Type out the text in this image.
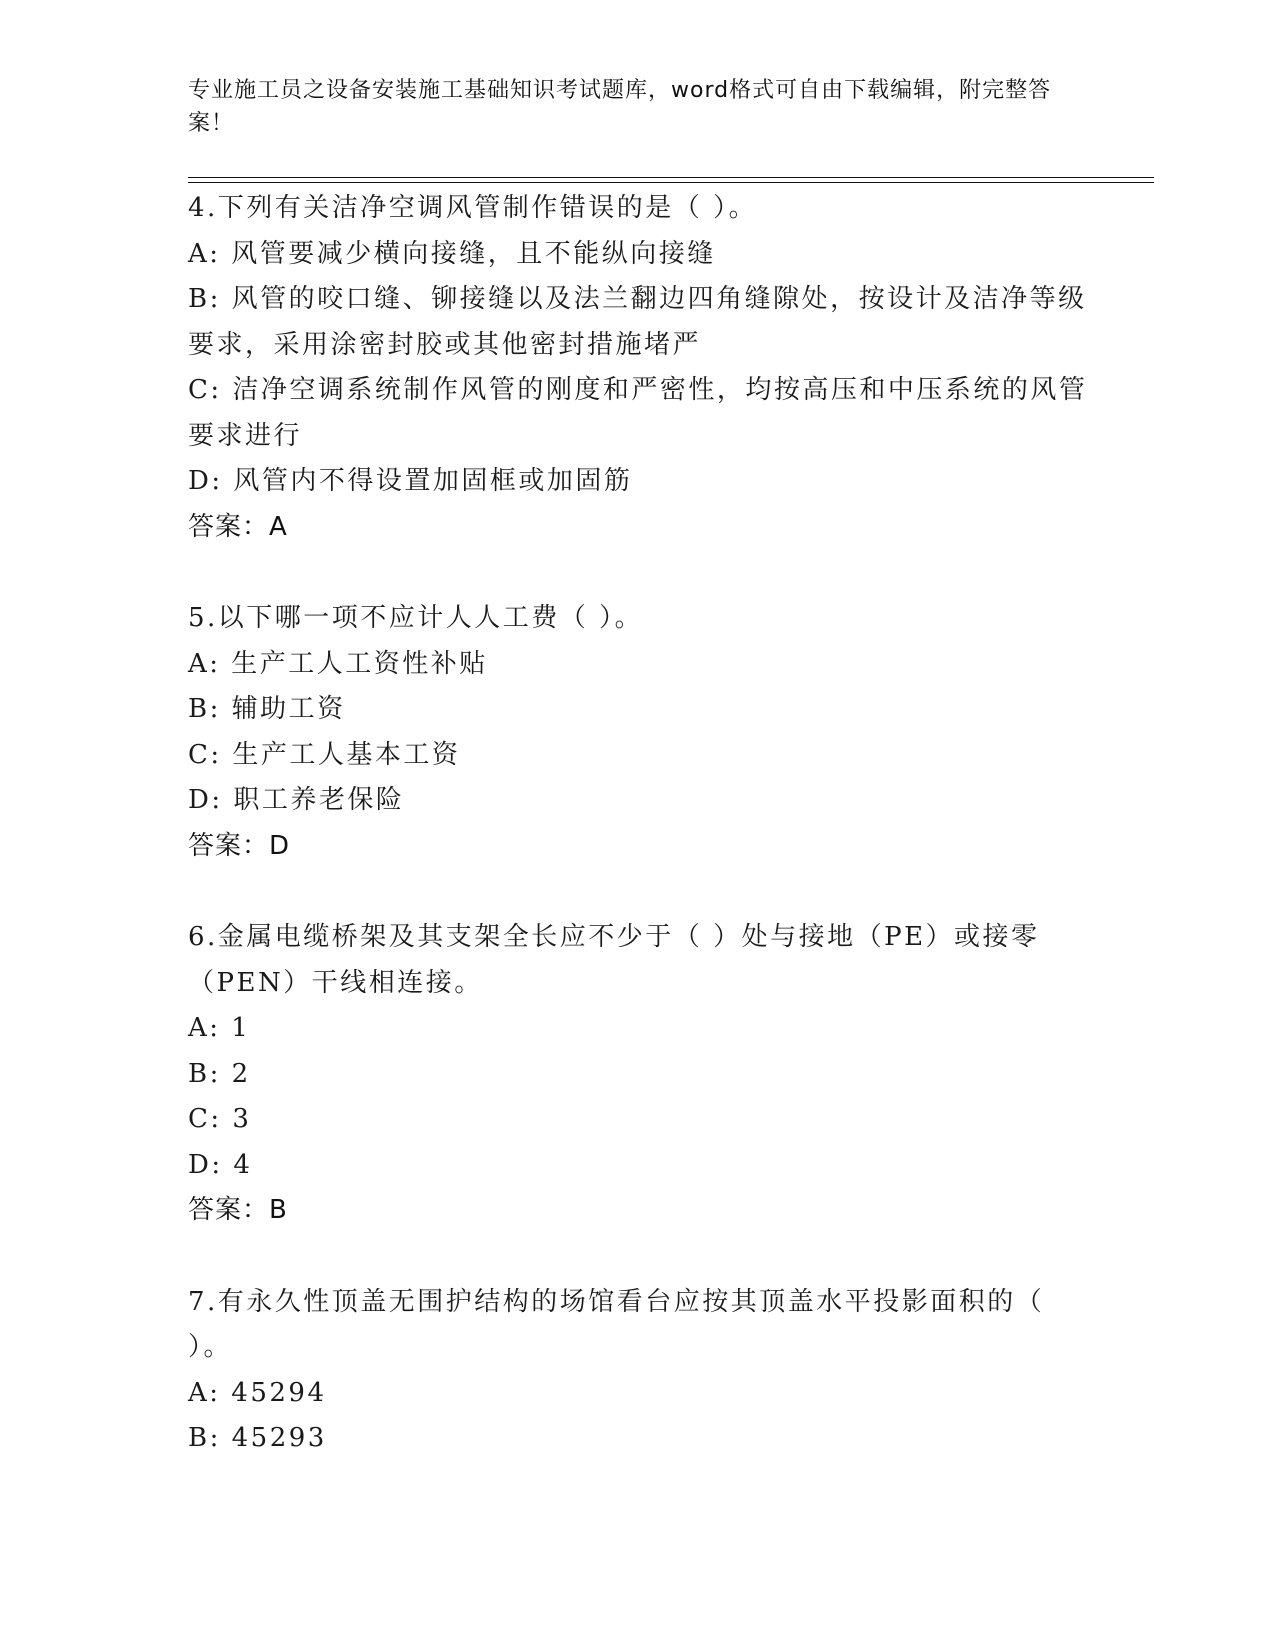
专业施工员之设备安装施工基础知识考试题库，word格式可自由下载编辑，附完整答案！
4.下列有关洁净空调风管制作错误的是（ ）。
A: 风管要减少横向接缝，且不能纵向接缝
B: 风管的咬口缝、铆接缝以及法兰翻边四角缝隙处，按设计及洁净等级要求，采用涂密封胶或其他密封措施堵严
C: 洁净空调系统制作风管的刚度和严密性，均按高压和中压系统的风管要求进行
D: 风管内不得设置加固框或加固筋
答案：A
5.以下哪一项不应计人人工费（ ）。
A: 生产工人工资性补贴
B: 辅助工资
C: 生产工人基本工资
D: 职工养老保险
答案：D
6.金属电缆桥架及其支架全长应不少于（ ）处与接地（PE）或接零（PEN）干线相连接。
A: 1
B: 2
C: 3
D: 4
答案：B
7.有永久性顶盖无围护结构的场馆看台应按其顶盖水平投影面积的（ ）。
A: 45294
B: 45293
